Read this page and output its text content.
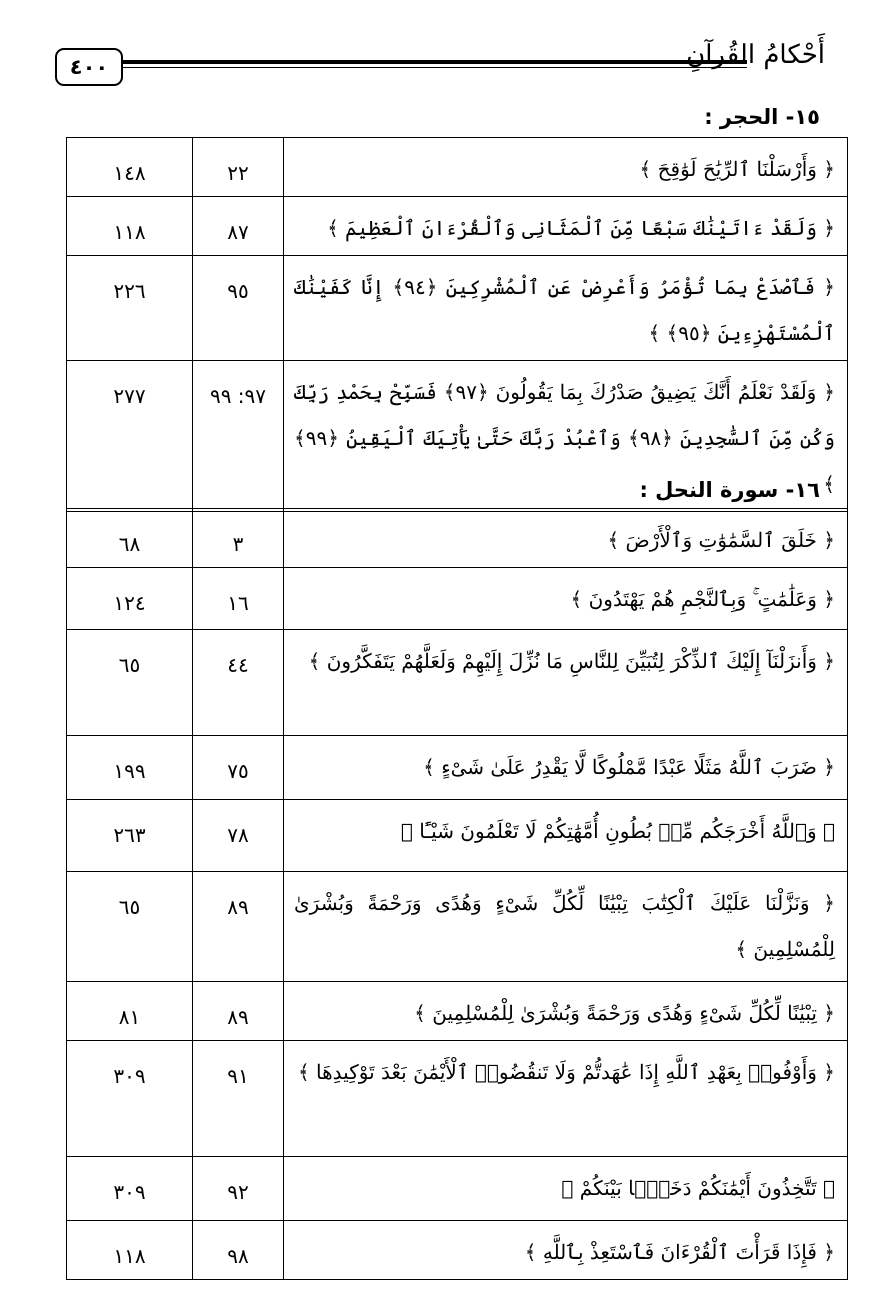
٤٠٠	أَحْكامُ القُرآنِ
١٥- الحجر :
﴿ وَأَرْسَلْنَا ٱلرِّيَٰحَ لَوَٰقِحَ ﴾	٢٢	١٤٨
﴿ وَلَقَدْ ءَاتَيْنَٰكَ سَبْعًا مِّنَ ٱلْمَثَانِى وَٱلْقُرْءَانَ ٱلْعَظِيمَ ﴾	٨٧	١١٨
﴿ فَٱصْدَعْ بِمَا تُؤْمَرُ وَأَعْرِضْ عَنِ ٱلْمُشْرِكِينَ ﴿٩٤﴾ إِنَّا كَفَيْنَٰكَ ٱلْمُسْتَهْزِءِينَ ﴿٩٥﴾ ﴾	٩٥	٢٢٦
﴿ وَلَقَدْ نَعْلَمُ أَنَّكَ يَضِيقُ صَدْرُكَ بِمَا يَقُولُونَ ﴿٩٧﴾ فَسَبِّحْ بِحَمْدِ رَبِّكَ وَكُن مِّنَ ٱلسَّٰجِدِينَ ﴿٩٨﴾ وَٱعْبُدْ رَبَّكَ حَتَّىٰ يَأْتِيَكَ ٱلْيَقِينُ ﴿٩٩﴾ ﴾	٩٧: ٩٩	٢٧٧
١٦- سورة النحل :
﴿ خَلَقَ ٱلسَّمَٰوَٰتِ وَٱلْأَرْضَ ﴾	٣	٦٨
﴿ وَعَلَٰمَٰتٍ ۚ وَبِٱلنَّجْمِ هُمْ يَهْتَدُونَ ﴾	١٦	١٢٤
﴿ وَأَنزَلْنَآ إِلَيْكَ ٱلذِّكْرَ لِتُبَيِّنَ لِلنَّاسِ مَا نُزِّلَ إِلَيْهِمْ وَلَعَلَّهُمْ يَتَفَكَّرُونَ ﴾	٤٤	٦٥
﴿ ضَرَبَ ٱللَّهُ مَثَلًا عَبْدًا مَّمْلُوكًا لَّا يَقْدِرُ عَلَىٰ شَىْءٍ ﴾	٧٥	١٩٩
﴿ وَٱللَّهُ أَخْرَجَكُم مِّنۢ بُطُونِ أُمَّهَٰتِكُمْ لَا تَعْلَمُونَ شَيْـًٔا ﴾	٧٨	٢٦٣
﴿ وَنَزَّلْنَا عَلَيْكَ ٱلْكِتَٰبَ تِبْيَٰنًا لِّكُلِّ شَىْءٍ وَهُدًى وَرَحْمَةً وَبُشْرَىٰ لِلْمُسْلِمِينَ ﴾	٨٩	٦٥
﴿ تِبْيَٰنًا لِّكُلِّ شَىْءٍ وَهُدًى وَرَحْمَةً وَبُشْرَىٰ لِلْمُسْلِمِينَ ﴾	٨٩	٨١
﴿ وَأَوْفُوا۟ بِعَهْدِ ٱللَّهِ إِذَا عَٰهَدتُّمْ وَلَا تَنقُضُوا۟ ٱلْأَيْمَٰنَ بَعْدَ تَوْكِيدِهَا ﴾	٩١	٣٠٩
﴿ تَتَّخِذُونَ أَيْمَٰنَكُمْ دَخَلًۢا بَيْنَكُمْ ﴾	٩٢	٣٠٩
﴿ فَإِذَا قَرَأْتَ ٱلْقُرْءَانَ فَٱسْتَعِذْ بِٱللَّهِ ﴾	٩٨	١١٨
